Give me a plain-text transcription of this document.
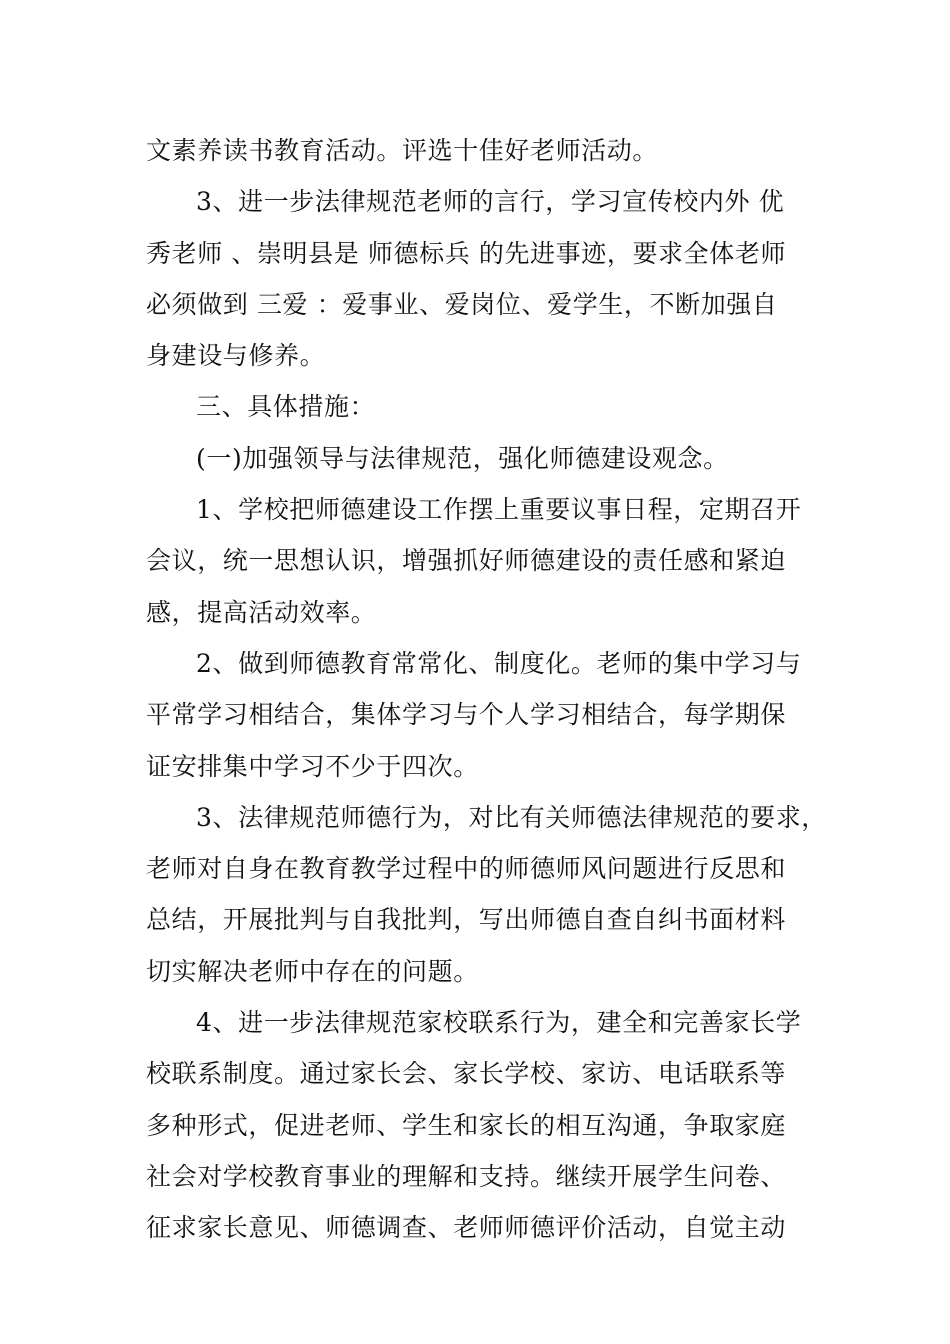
文素养读书教育活动。评选十佳好老师活动。
3、进一步法律规范老师的言行，学习宣传校内外 优
秀老师 、崇明县是 师德标兵 的先进事迹，要求全体老师
必须做到 三爱 ：爱事业、爱岗位、爱学生，不断加强自
身建设与修养。
三、具体措施：
(一)加强领导与法律规范，强化师德建设观念。
1、学校把师德建设工作摆上重要议事日程，定期召开
会议，统一思想认识，增强抓好师德建设的责任感和紧迫
感，提高活动效率。
2、做到师德教育常常化、制度化。老师的集中学习与
平常学习相结合，集体学习与个人学习相结合，每学期保
证安排集中学习不少于四次。
3、法律规范师德行为，对比有关师德法律规范的要求，
老师对自身在教育教学过程中的师德师风问题进行反思和
总结，开展批判与自我批判，写出师德自查自纠书面材料
切实解决老师中存在的问题。
4、进一步法律规范家校联系行为，建全和完善家长学
校联系制度。通过家长会、家长学校、家访、电话联系等
多种形式，促进老师、学生和家长的相互沟通，争取家庭
社会对学校教育事业的理解和支持。继续开展学生问卷、
征求家长意见、师德调查、老师师德评价活动，自觉主动
